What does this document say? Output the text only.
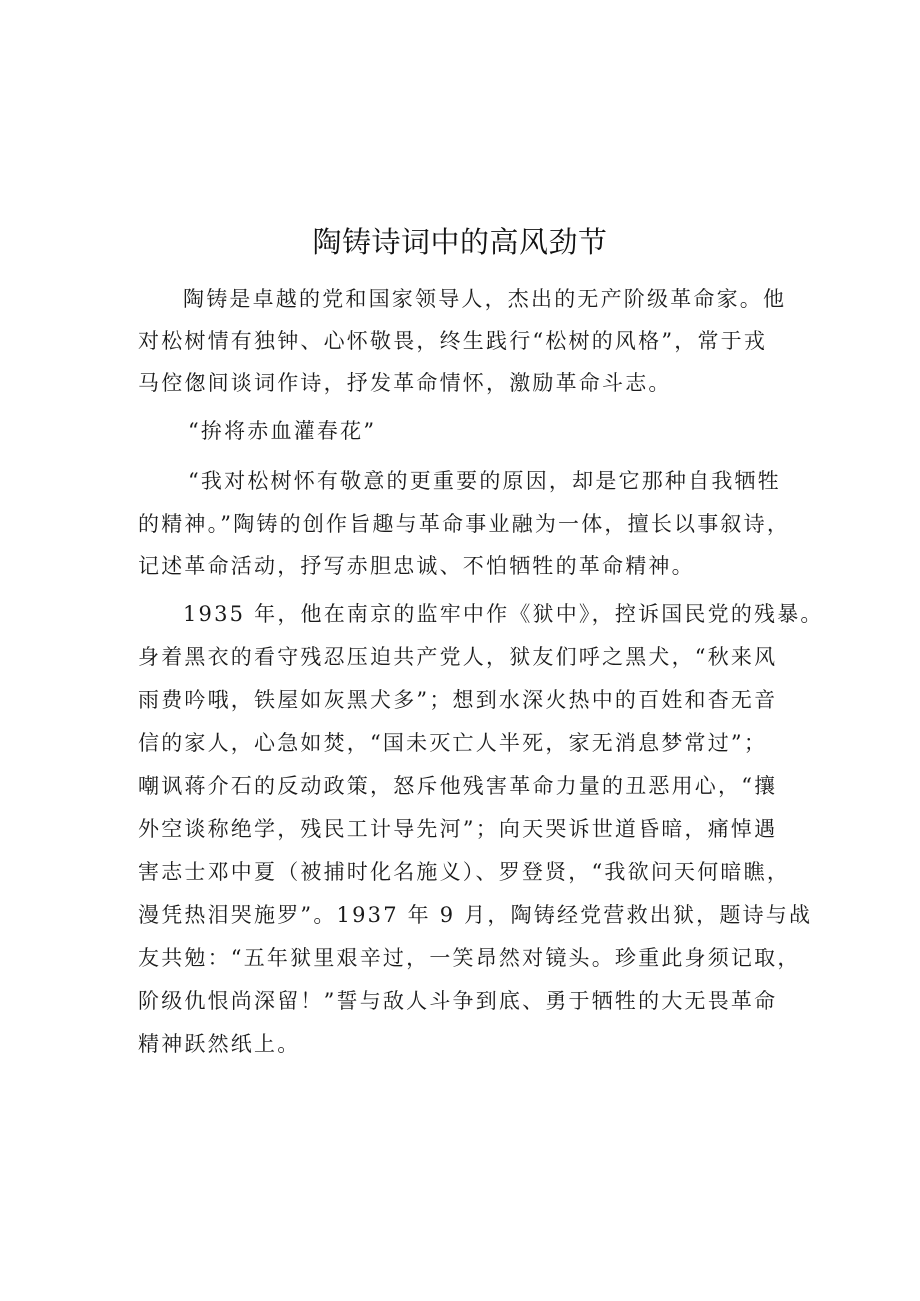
陶铸诗词中的高风劲节
陶铸是卓越的党和国家领导人，杰出的无产阶级革命家。他
对松树情有独钟、心怀敬畏，终生践行“松树的风格”，常于戎
马倥偬间谈词作诗，抒发革命情怀，激励革命斗志。
“拚将赤血灌春花”
“我对松树怀有敬意的更重要的原因，却是它那种自我牺牲
的精神。”陶铸的创作旨趣与革命事业融为一体，擅长以事叙诗，
记述革命活动，抒写赤胆忠诚、不怕牺牲的革命精神。
1935 年，他在南京的监牢中作《狱中》，控诉国民党的残暴。
身着黑衣的看守残忍压迫共产党人，狱友们呼之黑犬，“秋来风
雨费吟哦，铁屋如灰黑犬多”；想到水深火热中的百姓和杳无音
信的家人，心急如焚，“国未灭亡人半死，家无消息梦常过”；
嘲讽蒋介石的反动政策，怒斥他残害革命力量的丑恶用心，“攘
外空谈称绝学，残民工计导先河”；向天哭诉世道昏暗，痛悼遇
害志士邓中夏（被捕时化名施义）、罗登贤，“我欲问天何暗瞧，
漫凭热泪哭施罗”。1937 年 9 月，陶铸经党营救出狱，题诗与战
友共勉：“五年狱里艰辛过，一笑昂然对镜头。珍重此身须记取，
阶级仇恨尚深留！”誓与敌人斗争到底、勇于牺牲的大无畏革命
精神跃然纸上。
